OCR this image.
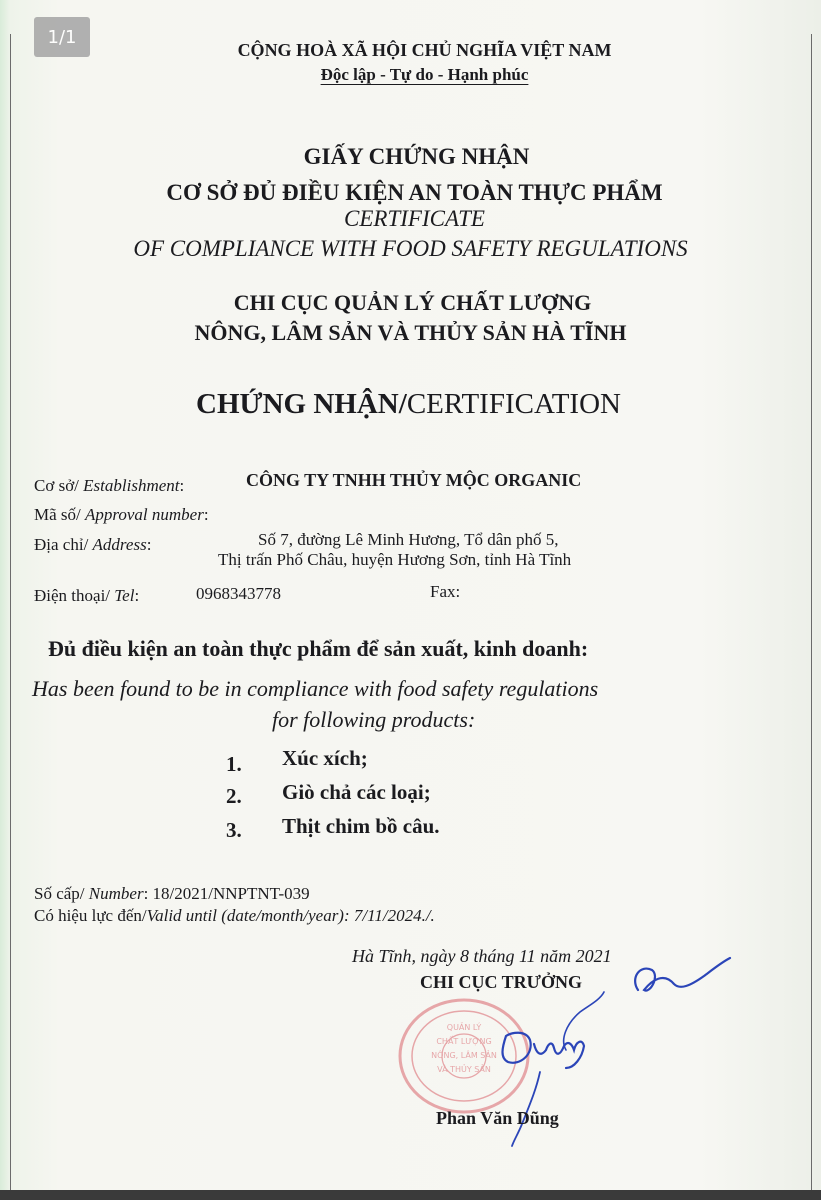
1/1
CỘNG HOÀ XÃ HỘI CHỦ NGHĨA VIỆT NAM
Độc lập - Tự do - Hạnh phúc
GIẤY CHỨNG NHẬN
CƠ SỞ ĐỦ ĐIỀU KIỆN AN TOÀN THỰC PHẨM
CERTIFICATE
OF COMPLIANCE WITH FOOD SAFETY REGULATIONS
CHI CỤC QUẢN LÝ CHẤT LƯỢNG
NÔNG, LÂM SẢN VÀ THỦY SẢN HÀ TĨNH
CHỨNG NHẬN/CERTIFICATION
Cơ sở/ Establishment:	CÔNG TY TNHH THỦY MỘC ORGANIC
Mã số/ Approval number:
Địa chỉ/ Address:	Số 7, đường Lê Minh Hương, Tổ dân phố 5,
Thị trấn Phố Châu, huyện Hương Sơn, tỉnh Hà Tĩnh
Điện thoại/ Tel:	0968343778	Fax:
Đủ điều kiện an toàn thực phẩm để sản xuất, kinh doanh:
Has been found to be in compliance with food safety regulations
for following products:
1. Xúc xích;
2. Giò chả các loại;
3. Thịt chim bồ câu.
Số cấp/ Number: 18/2021/NNPTNT-039
Có hiệu lực đến/Valid until (date/month/year): 7/11/2024./.
Hà Tĩnh, ngày 8 tháng 11 năm 2021
CHI CỤC TRƯỞNG
QUẢN LÝ
CHẤT LƯỢNG
NÔNG, LÂM SẢN
VÀ THỦY SẢN
Phan Văn Dũng
